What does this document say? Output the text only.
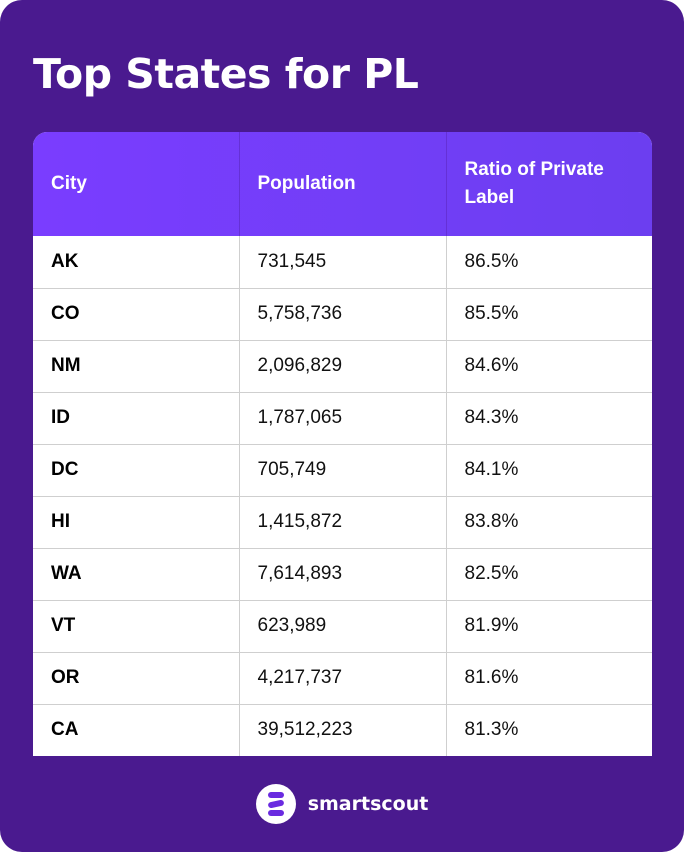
Top States for PL
City	Population	Ratio of Private Label
AK	731,545	86.5%
CO	5,758,736	85.5%
NM	2,096,829	84.6%
ID	1,787,065	84.3%
DC	705,749	84.1%
HI	1,415,872	83.8%
WA	7,614,893	82.5%
VT	623,989	81.9%
OR	4,217,737	81.6%
CA	39,512,223	81.3%
smartscout
